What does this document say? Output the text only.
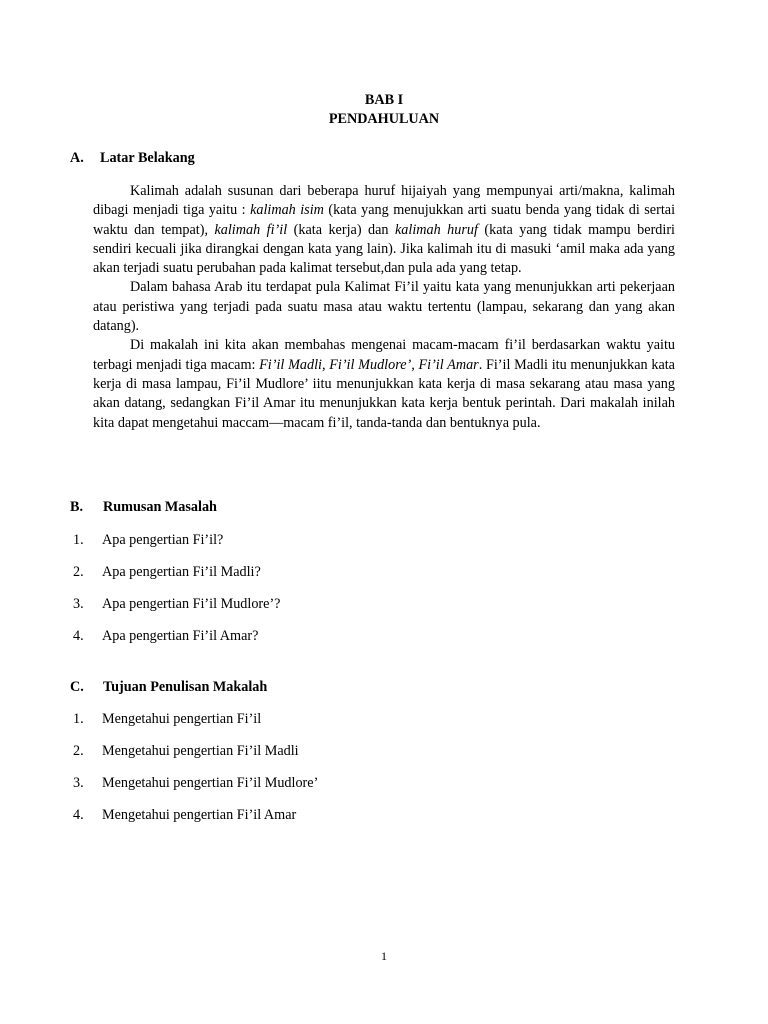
BAB I
PENDAHULUAN
A. Latar Belakang

Kalimah adalah susunan dari beberapa huruf hijaiyah yang mempunyai arti/makna, kalimah dibagi menjadi tiga yaitu : kalimah isim (kata yang menujukkan arti suatu benda yang tidak di sertai waktu dan tempat), kalimah fi’il (kata kerja) dan kalimah huruf (kata yang tidak mampu berdiri sendiri kecuali jika dirangkai dengan kata yang lain). Jika kalimah itu di masuki ‘amil maka ada yang akan terjadi suatu perubahan pada kalimat tersebut,dan pula ada yang tetap.

Dalam bahasa Arab itu terdapat pula Kalimat Fi’il yaitu kata yang menunjukkan arti pekerjaan atau peristiwa yang terjadi pada suatu masa atau waktu tertentu (lampau, sekarang dan yang akan datang).

Di makalah ini kita akan membahas mengenai macam-macam fi’il berdasarkan waktu yaitu terbagi menjadi tiga macam: Fi’il Madli, Fi’il Mudlore’, Fi’il Amar. Fi’il Madli itu menunjukkan kata kerja di masa lampau, Fi’il Mudlore’ iitu menunjukkan kata kerja di masa sekarang atau masa yang akan datang, sedangkan Fi’il Amar itu menunjukkan kata kerja bentuk perintah. Dari makalah inilah kita dapat mengetahui maccam—macam fi’il, tanda-tanda dan bentuknya pula.

B. Rumusan Masalah
1. Apa pengertian Fi’il?
2. Apa pengertian Fi’il Madli?
3. Apa pengertian Fi’il Mudlore’?
4. Apa pengertian Fi’il Amar?
C. Tujuan Penulisan Makalah
1. Mengetahui pengertian Fi’il
2. Mengetahui pengertian Fi’il Madli
3. Mengetahui pengertian Fi’il Mudlore’
4. Mengetahui pengertian Fi’il Amar
1
